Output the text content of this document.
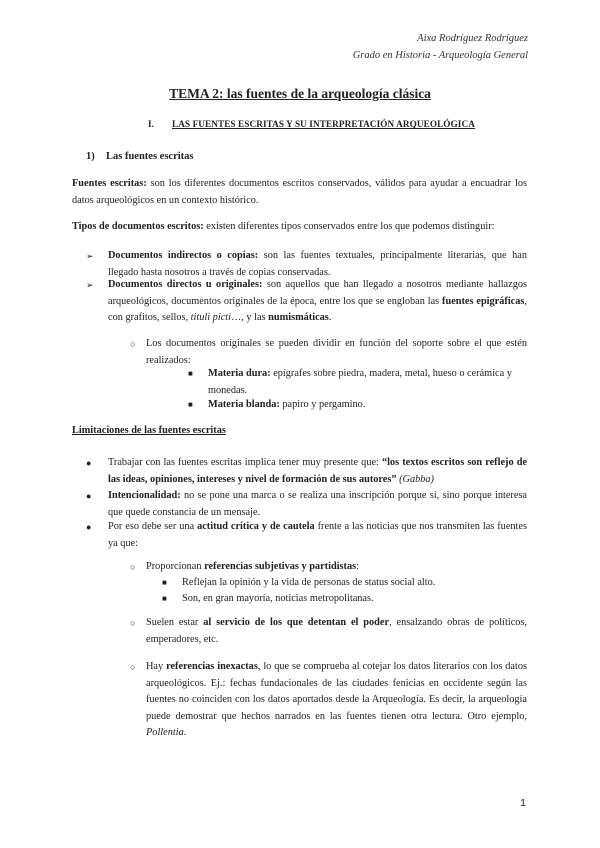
Aixa Rodríguez Rodríguez
Grado en Historia - Arqueología General
TEMA 2: las fuentes de la arqueología clásica
I. LAS FUENTES ESCRITAS Y SU INTERPRETACIÓN ARQUEOLÓGICA
1) Las fuentes escritas
Fuentes escritas: son los diferentes documentos escritos conservados, válidos para ayudar a encuadrar los datos arqueológicos en un contexto histórico.
Tipos de documentos escritos: existen diferentes tipos conservados entre los que podemos distinguir:
➢ Documentos indirectos o copias: son las fuentes textuales, principalmente literarias, que han llegado hasta nosotros a través de copias conservadas.
➢ Documentos directos u originales: son aquellos que han llegado a nosotros mediante hallazgos arqueológicos, documentos originales de la época, entre los que se engloban las fuentes epigráficas, con grafitos, sellos, tituli picti…, y las numismáticas.
○ Los documentos originales se pueden dividir en función del soporte sobre el que estén realizados:
■ Materia dura: epígrafes sobre piedra, madera, metal, hueso o cerámica y monedas.
■ Materia blanda: papiro y pergamino.
Limitaciones de las fuentes escritas
● Trabajar con las fuentes escritas implica tener muy presente que: “los textos escritos son reflejo de las ideas, opiniones, intereses y nivel de formación de sus autores” (Gabba)
● Intencionalidad: no se pone una marca o se realiza una inscripción porque sí, sino porque interesa que quede constancia de un mensaje.
● Por eso debe ser una actitud crítica y de cautela frente a las noticias que nos transmiten las fuentes ya que:
○ Proporcionan referencias subjetivas y partidistas:
■ Reflejan la opinión y la vida de personas de status social alto.
■ Son, en gran mayoría, noticias metropolitanas.
○ Suelen estar al servicio de los que detentan el poder, ensalzando obras de políticos, emperadores, etc.
○ Hay referencias inexactas, lo que se comprueba al cotejar los datos literarios con los datos arqueológicos. Ej.: fechas fundacionales de las ciudades fenicias en occidente según las fuentes no coinciden con los datos aportados desde la Arqueología. Es decir, la arqueología puede demostrar que hechos narrados en las fuentes tienen otra lectura. Otro ejemplo, Pollentia.
1
